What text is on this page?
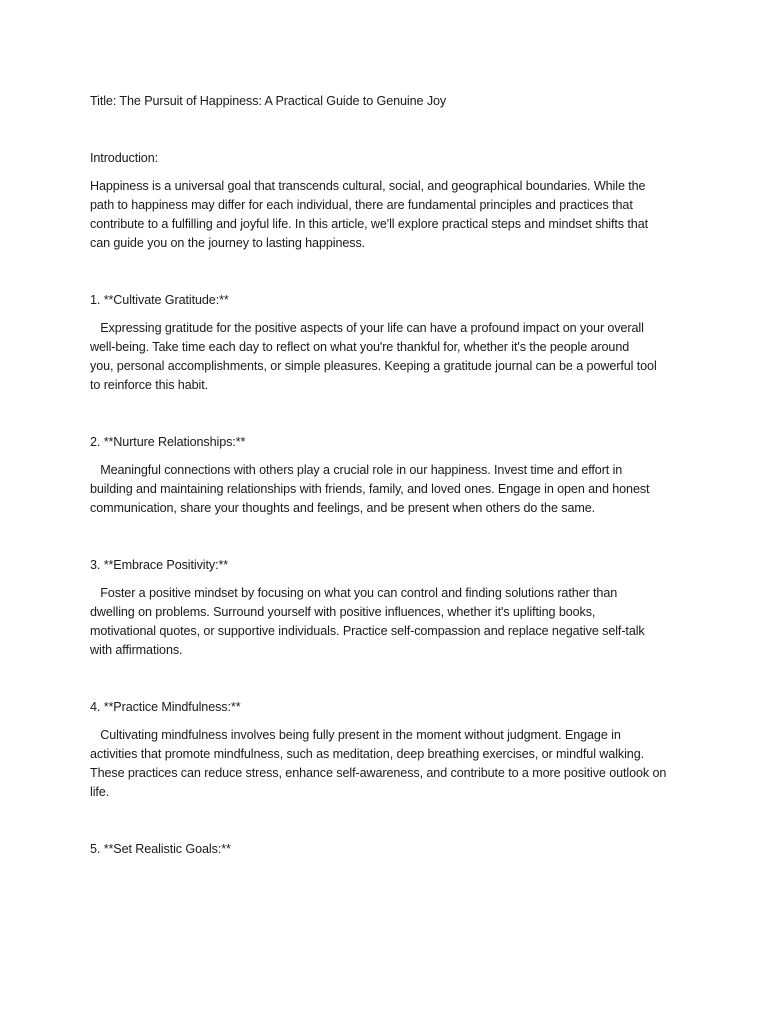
Title: The Pursuit of Happiness: A Practical Guide to Genuine Joy

Introduction:

Happiness is a universal goal that transcends cultural, social, and geographical boundaries. While the

path to happiness may differ for each individual, there are fundamental principles and practices that

contribute to a fulfilling and joyful life. In this article, we'll explore practical steps and mindset shifts that

can guide you on the journey to lasting happiness.

1. **Cultivate Gratitude:**

Expressing gratitude for the positive aspects of your life can have a profound impact on your overall

well-being. Take time each day to reflect on what you're thankful for, whether it's the people around

you, personal accomplishments, or simple pleasures. Keeping a gratitude journal can be a powerful tool

to reinforce this habit.

2. **Nurture Relationships:**

Meaningful connections with others play a crucial role in our happiness. Invest time and effort in

building and maintaining relationships with friends, family, and loved ones. Engage in open and honest

communication, share your thoughts and feelings, and be present when others do the same.

3. **Embrace Positivity:**

Foster a positive mindset by focusing on what you can control and finding solutions rather than

dwelling on problems. Surround yourself with positive influences, whether it's uplifting books,

motivational quotes, or supportive individuals. Practice self-compassion and replace negative self-talk

with affirmations.

4. **Practice Mindfulness:**

Cultivating mindfulness involves being fully present in the moment without judgment. Engage in

activities that promote mindfulness, such as meditation, deep breathing exercises, or mindful walking.

These practices can reduce stress, enhance self-awareness, and contribute to a more positive outlook on

life.

5. **Set Realistic Goals:**
